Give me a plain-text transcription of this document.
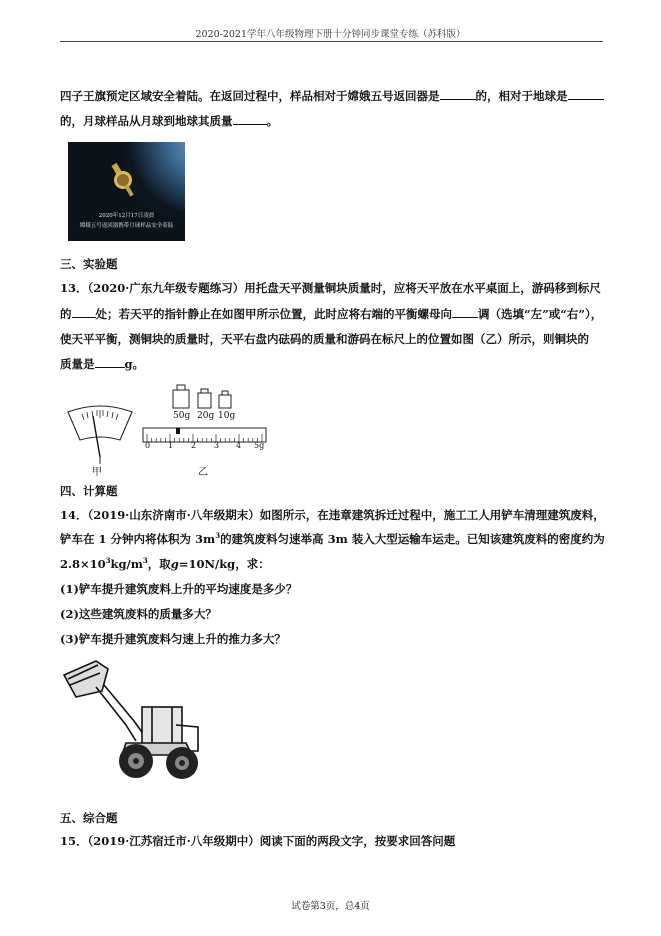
2020-2021学年八年级物理下册十分钟同步课堂专练（苏科版）
四子王旗预定区域安全着陆。在返回过程中，样品相对于嫦娥五号返回器是	的，相对于地球是
的，月球样品从月球到地球其质量	。
2020年12月17日凌晨
嫦娥五号返回器携带月球样品安全着陆
三、实验题
13．（2020·广东九年级专题练习）用托盘天平测量铜块质量时，应将天平放在水平桌面上，游码移到标尺
的 处；若天平的指针静止在如图甲所示位置，此时应将右端的平衡螺母向 调（选填“左”或“右”），
使天平平衡，测铜块的质量时，天平右盘内砝码的质量和游码在标尺上的位置如图（乙）所示，则铜块的
质量是	g。
甲
50g 20g 10g
0 1 2 3 4 5g
乙
四、计算题
14．（2019·山东济南市·八年级期末）如图所示，在违章建筑拆迁过程中，施工工人用铲车清理建筑废料，
铲车在 1 分钟内将体积为 $3m^3$的建筑废料匀速举高 3m 装入大型运输车运走。已知该建筑废料的密度约为
$2.8\times 10^3kg/m^3$，取g=10N/kg，求：
(1)铲车提升建筑废料上升的平均速度是多少？
(2)这些建筑废料的质量多大？
(3)铲车提升建筑废料匀速上升的推力多大？
五、综合题
15．（2019·江苏宿迁市·八年级期中）阅读下面的两段文字，按要求回答问题
试卷第3页，总4页
